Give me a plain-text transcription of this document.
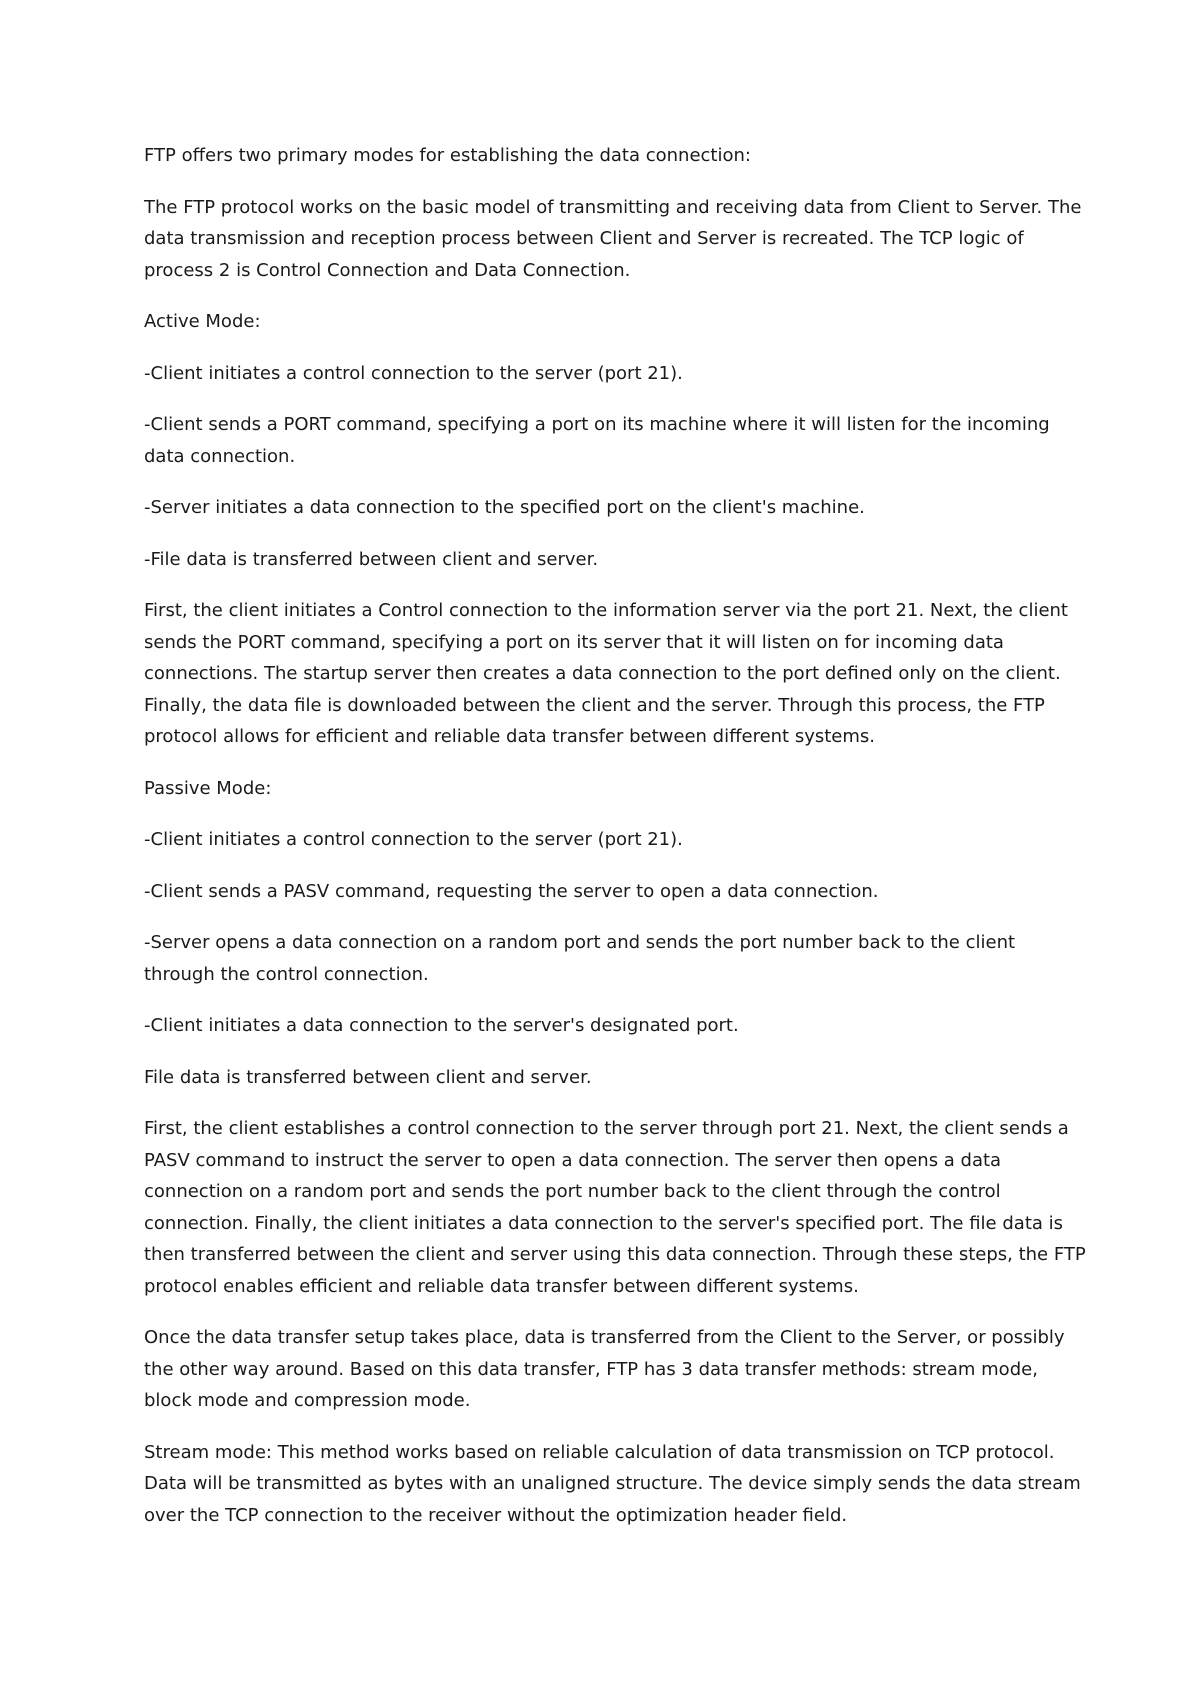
FTP offers two primary modes for establishing the data connection:

The FTP protocol works on the basic model of transmitting and receiving data from Client to Server. The data transmission and reception process between Client and Server is recreated. The TCP logic of process 2 is Control Connection and Data Connection.

Active Mode:

-Client initiates a control connection to the server (port 21).

-Client sends a PORT command, specifying a port on its machine where it will listen for the incoming data connection.

-Server initiates a data connection to the specified port on the client's machine.

-File data is transferred between client and server.

First, the client initiates a Control connection to the information server via the port 21. Next, the client sends the PORT command, specifying a port on its server that it will listen on for incoming data connections. The startup server then creates a data connection to the port defined only on the client. Finally, the data file is downloaded between the client and the server. Through this process, the FTP protocol allows for efficient and reliable data transfer between different systems.

Passive Mode:

-Client initiates a control connection to the server (port 21).

-Client sends a PASV command, requesting the server to open a data connection.

-Server opens a data connection on a random port and sends the port number back to the client through the control connection.

-Client initiates a data connection to the server's designated port.

File data is transferred between client and server.

First, the client establishes a control connection to the server through port 21. Next, the client sends a PASV command to instruct the server to open a data connection. The server then opens a data connection on a random port and sends the port number back to the client through the control connection. Finally, the client initiates a data connection to the server's specified port. The file data is then transferred between the client and server using this data connection. Through these steps, the FTP protocol enables efficient and reliable data transfer between different systems.

Once the data transfer setup takes place, data is transferred from the Client to the Server, or possibly the other way around. Based on this data transfer, FTP has 3 data transfer methods: stream mode, block mode and compression mode.

Stream mode: This method works based on reliable calculation of data transmission on TCP protocol. Data will be transmitted as bytes with an unaligned structure. The device simply sends the data stream over the TCP connection to the receiver without the optimization header field.
